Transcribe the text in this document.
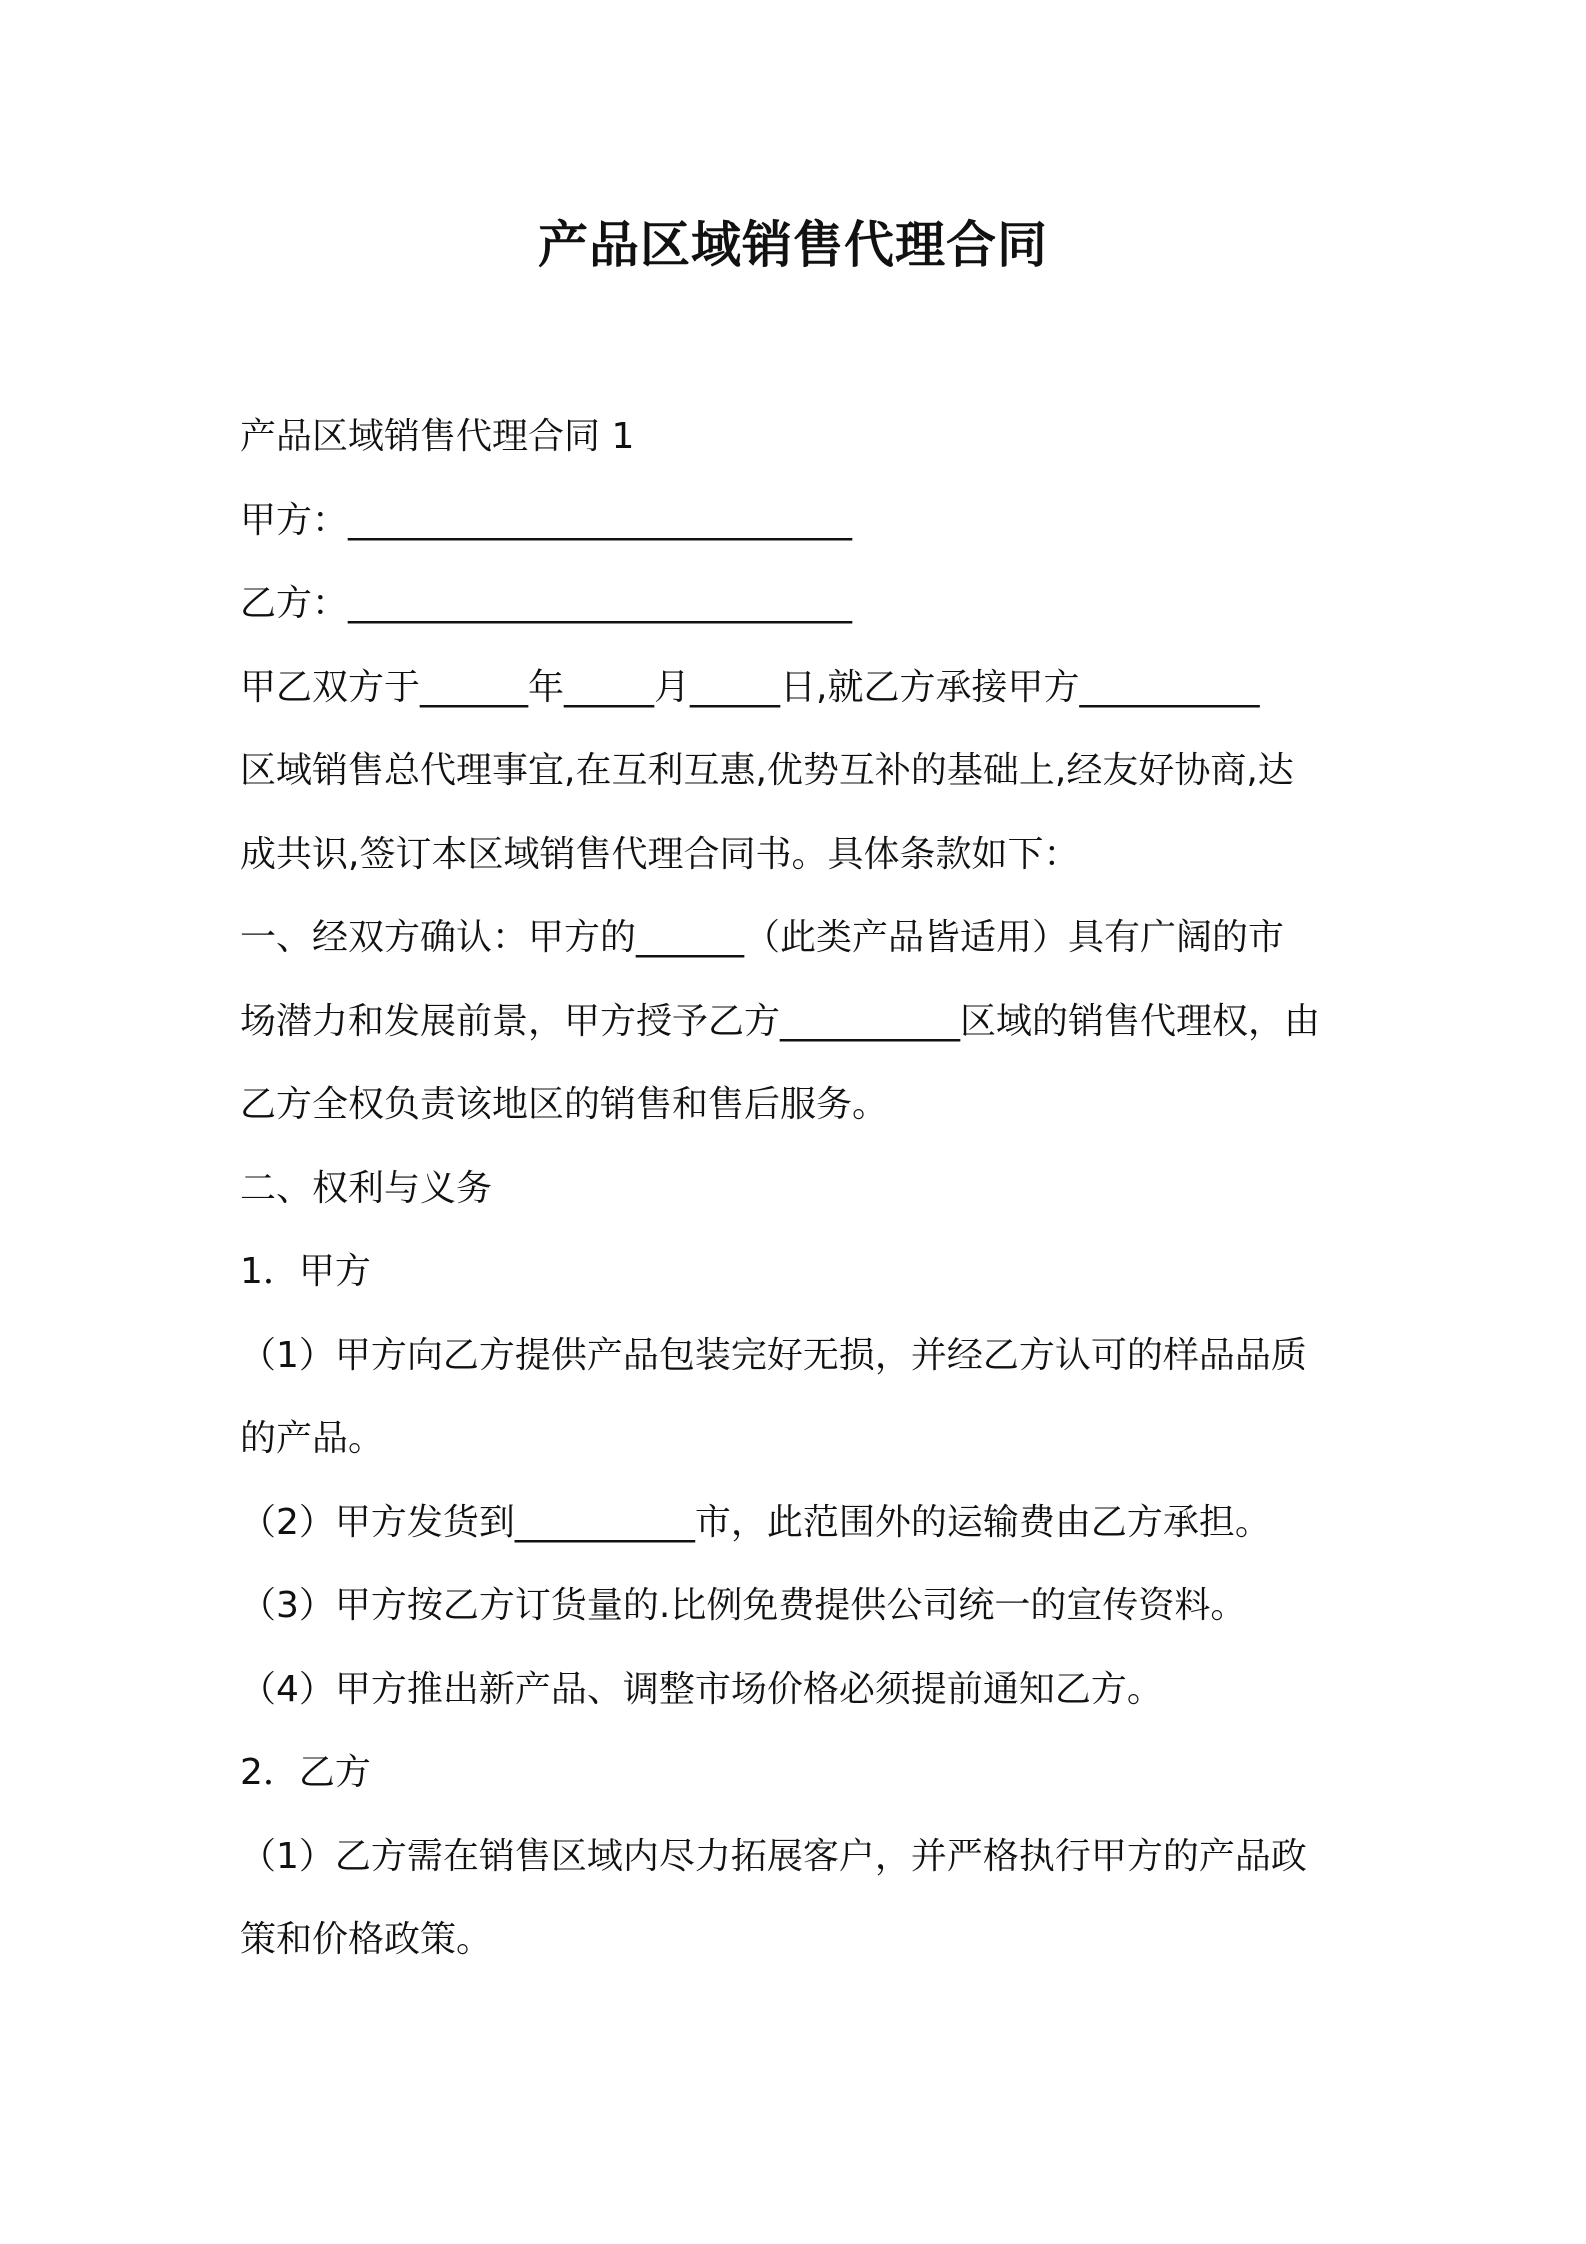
产品区域销售代理合同
产品区域销售代理合同 1
甲方：____________________________
乙方：____________________________
甲乙双方于______年_____月_____日,就乙方承接甲方__________
区域销售总代理事宜,在互利互惠,优势互补的基础上,经友好协商,达
成共识,签订本区域销售代理合同书。具体条款如下：
一、经双方确认：甲方的______（此类产品皆适用）具有广阔的市
场潜力和发展前景，甲方授予乙方__________区域的销售代理权，由
乙方全权负责该地区的销售和售后服务。
二、权利与义务
1．甲方
（1）甲方向乙方提供产品包装完好无损，并经乙方认可的样品品质
的产品。
（2）甲方发货到__________市，此范围外的运输费由乙方承担。
（3）甲方按乙方订货量的.比例免费提供公司统一的宣传资料。
（4）甲方推出新产品、调整市场价格必须提前通知乙方。
2．乙方
（1）乙方需在销售区域内尽力拓展客户，并严格执行甲方的产品政
策和价格政策。
